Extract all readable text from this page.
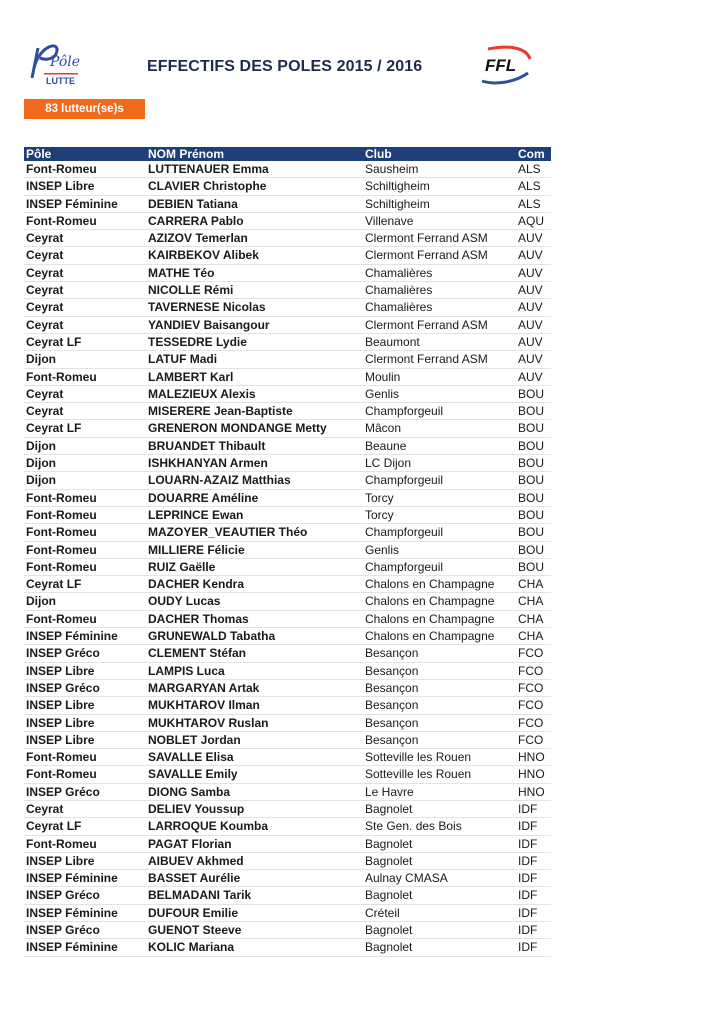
Pôle
LUTTE
EFFECTIFS DES POLES 2015 / 2016	FFL
83 lutteur(se)s
Pôle	NOM Prénom	Club	Com
Font-Romeu	LUTTENAUER Emma	Sausheim	ALS
INSEP Libre	CLAVIER Christophe	Schiltigheim	ALS
INSEP Féminine	DEBIEN Tatiana	Schiltigheim	ALS
Font-Romeu	CARRERA Pablo	Villenave	AQU
Ceyrat	AZIZOV Temerlan	Clermont Ferrand ASM	AUV
Ceyrat	KAIRBEKOV Alibek	Clermont Ferrand ASM	AUV
Ceyrat	MATHE Téo	Chamalières	AUV
Ceyrat	NICOLLE Rémi	Chamalières	AUV
Ceyrat	TAVERNESE Nicolas	Chamalières	AUV
Ceyrat	YANDIEV Baisangour	Clermont Ferrand ASM	AUV
Ceyrat LF	TESSEDRE Lydie	Beaumont	AUV
Dijon	LATUF Madi	Clermont Ferrand ASM	AUV
Font-Romeu	LAMBERT Karl	Moulin	AUV
Ceyrat	MALEZIEUX Alexis	Genlis	BOU
Ceyrat	MISERERE Jean-Baptiste	Champforgeuil	BOU
Ceyrat LF	GRENERON MONDANGE Metty	Mâcon	BOU
Dijon	BRUANDET Thibault	Beaune	BOU
Dijon	ISHKHANYAN Armen	LC Dijon	BOU
Dijon	LOUARN-AZAIZ Matthias	Champforgeuil	BOU
Font-Romeu	DOUARRE Améline	Torcy	BOU
Font-Romeu	LEPRINCE Ewan	Torcy	BOU
Font-Romeu	MAZOYER_VEAUTIER Théo	Champforgeuil	BOU
Font-Romeu	MILLIERE Félicie	Genlis	BOU
Font-Romeu	RUIZ Gaëlle	Champforgeuil	BOU
Ceyrat LF	DACHER Kendra	Chalons en Champagne	CHA
Dijon	OUDY Lucas	Chalons en Champagne	CHA
Font-Romeu	DACHER Thomas	Chalons en Champagne	CHA
INSEP Féminine	GRUNEWALD Tabatha	Chalons en Champagne	CHA
INSEP Gréco	CLEMENT Stéfan	Besançon	FCO
INSEP Libre	LAMPIS Luca	Besançon	FCO
INSEP Gréco	MARGARYAN Artak	Besançon	FCO
INSEP Libre	MUKHTAROV Ilman	Besançon	FCO
INSEP Libre	MUKHTAROV Ruslan	Besançon	FCO
INSEP Libre	NOBLET Jordan	Besançon	FCO
Font-Romeu	SAVALLE Elisa	Sotteville les Rouen	HNO
Font-Romeu	SAVALLE Emily	Sotteville les Rouen	HNO
INSEP Gréco	DIONG Samba	Le Havre	HNO
Ceyrat	DELIEV Youssup	Bagnolet	IDF
Ceyrat LF	LARROQUE Koumba	Ste Gen. des Bois	IDF
Font-Romeu	PAGAT Florian	Bagnolet	IDF
INSEP Libre	AIBUEV Akhmed	Bagnolet	IDF
INSEP Féminine	BASSET Aurélie	Aulnay CMASA	IDF
INSEP Gréco	BELMADANI Tarik	Bagnolet	IDF
INSEP Féminine	DUFOUR Emilie	Créteil	IDF
INSEP Gréco	GUENOT Steeve	Bagnolet	IDF
INSEP Féminine	KOLIC Mariana	Bagnolet	IDF
